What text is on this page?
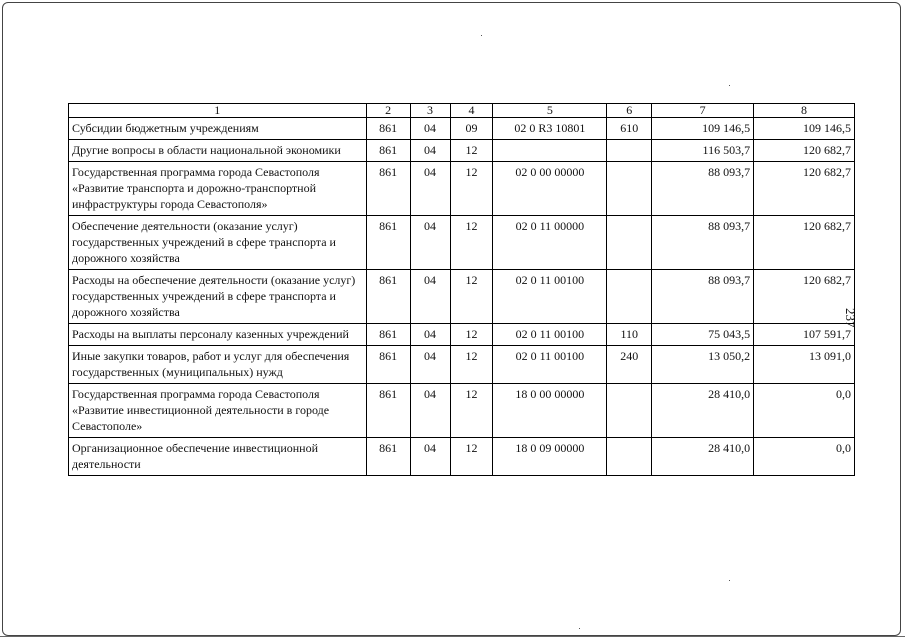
1	2	3	4	5	6	7	8
Субсидии бюджетным учреждениям	861	04	09	02 0 R3 10801	610	109 146,5	109 146,5
Другие вопросы в области национальной экономики	861	04	12			116 503,7	120 682,7
Государственная программа города Севастополя «Развитие транспорта и дорожно-транспортной инфраструктуры города Севастополя»	861	04	12	02 0 00 00000		88 093,7	120 682,7
Обеспечение деятельности (оказание услуг) государственных учреждений в сфере транспорта и дорожного хозяйства	861	04	12	02 0 11 00000		88 093,7	120 682,7
Расходы на обеспечение деятельности (оказание услуг) государственных учреждений в сфере транспорта и дорожного хозяйства	861	04	12	02 0 11 00100		88 093,7	120 682,7
Расходы на выплаты персоналу казенных учреждений	861	04	12	02 0 11 00100	110	75 043,5	107 591,7
Иные закупки товаров, работ и услуг для обеспечения государственных (муниципальных) нужд	861	04	12	02 0 11 00100	240	13 050,2	13 091,0
Государственная программа города Севастополя «Развитие инвестиционной деятельности в городе Севастополе»	861	04	12	18 0 00 00000		28 410,0	0,0
Организационное обеспечение инвестиционной деятельности	861	04	12	18 0 09 00000		28 410,0	0,0
237
